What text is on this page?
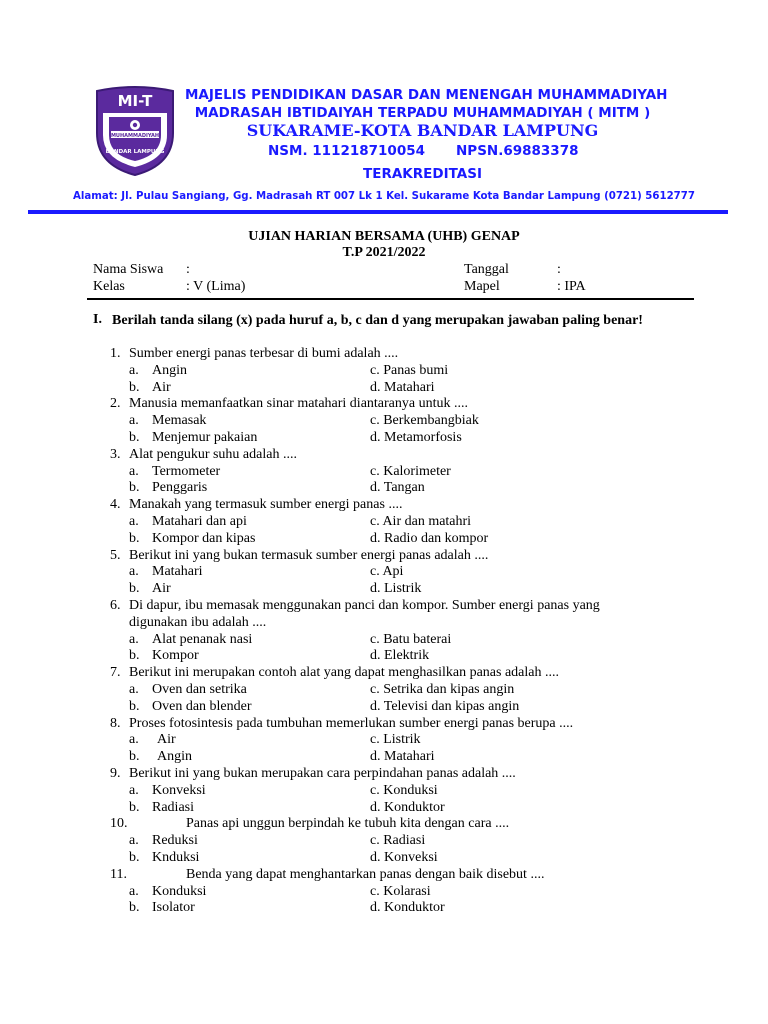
MI-T
MUHAMMADIYAH
BANDAR LAMPUNG
MAJELIS PENDIDIKAN DASAR DAN MENENGAH MUHAMMADIYAH
MADRASAH IBTIDAIYAH TERPADU MUHAMMADIYAH ( MITM )
SUKARAME-KOTA BANDAR LAMPUNG
NSM. 111218710054 NPSN.69883378
TERAKREDITASI
Alamat: Jl. Pulau Sangiang, Gg. Madrasah RT 007 Lk 1 Kel. Sukarame Kota Bandar Lampung (0721) 5612777
UJIAN HARIAN BERSAMA (UHB) GENAP
T.P 2021/2022
Nama Siswa :	Tanggal	:
Kelas	: V (Lima)	Mapel	: IPA
I. Berilah tanda silang (x) pada huruf a, b, c dan d yang merupakan jawaban paling benar!
1. Sumber energi panas terbesar di bumi adalah ....
a. Angin	c. Panas bumi
b. Air	d. Matahari
2. Manusia memanfaatkan sinar matahari diantaranya untuk ....
a. Memasak	c. Berkembangbiak
b. Menjemur pakaian	d. Metamorfosis
3. Alat pengukur suhu adalah ....
a. Termometer	c. Kalorimeter
b. Penggaris	d. Tangan
4. Manakah yang termasuk sumber energi panas ....
a. Matahari dan api	c. Air dan matahri
b. Kompor dan kipas	d. Radio dan kompor
5. Berikut ini yang bukan termasuk sumber energi panas adalah ....
a. Matahari	c. Api
b. Air	d. Listrik
6. Di dapur, ibu memasak menggunakan panci dan kompor. Sumber energi panas yang
digunakan ibu adalah ....
a. Alat penanak nasi	c. Batu baterai
b. Kompor	d. Elektrik
7. Berikut ini merupakan contoh alat yang dapat menghasilkan panas adalah ....
a. Oven dan setrika	c. Setrika dan kipas angin
b. Oven dan blender	d. Televisi dan kipas angin
8. Proses fotosintesis pada tumbuhan memerlukan sumber energi panas berupa ....
a. Air	c. Listrik
b. Angin	d. Matahari
9. Berikut ini yang bukan merupakan cara perpindahan panas adalah ....
a. Konveksi	c. Konduksi
b. Radiasi	d. Konduktor
10.	Panas api unggun berpindah ke tubuh kita dengan cara ....
a. Reduksi	c. Radiasi
b. Knduksi	d. Konveksi
11.	Benda yang dapat menghantarkan panas dengan baik disebut ....
a. Konduksi	c. Kolarasi
b. Isolator	d. Konduktor
